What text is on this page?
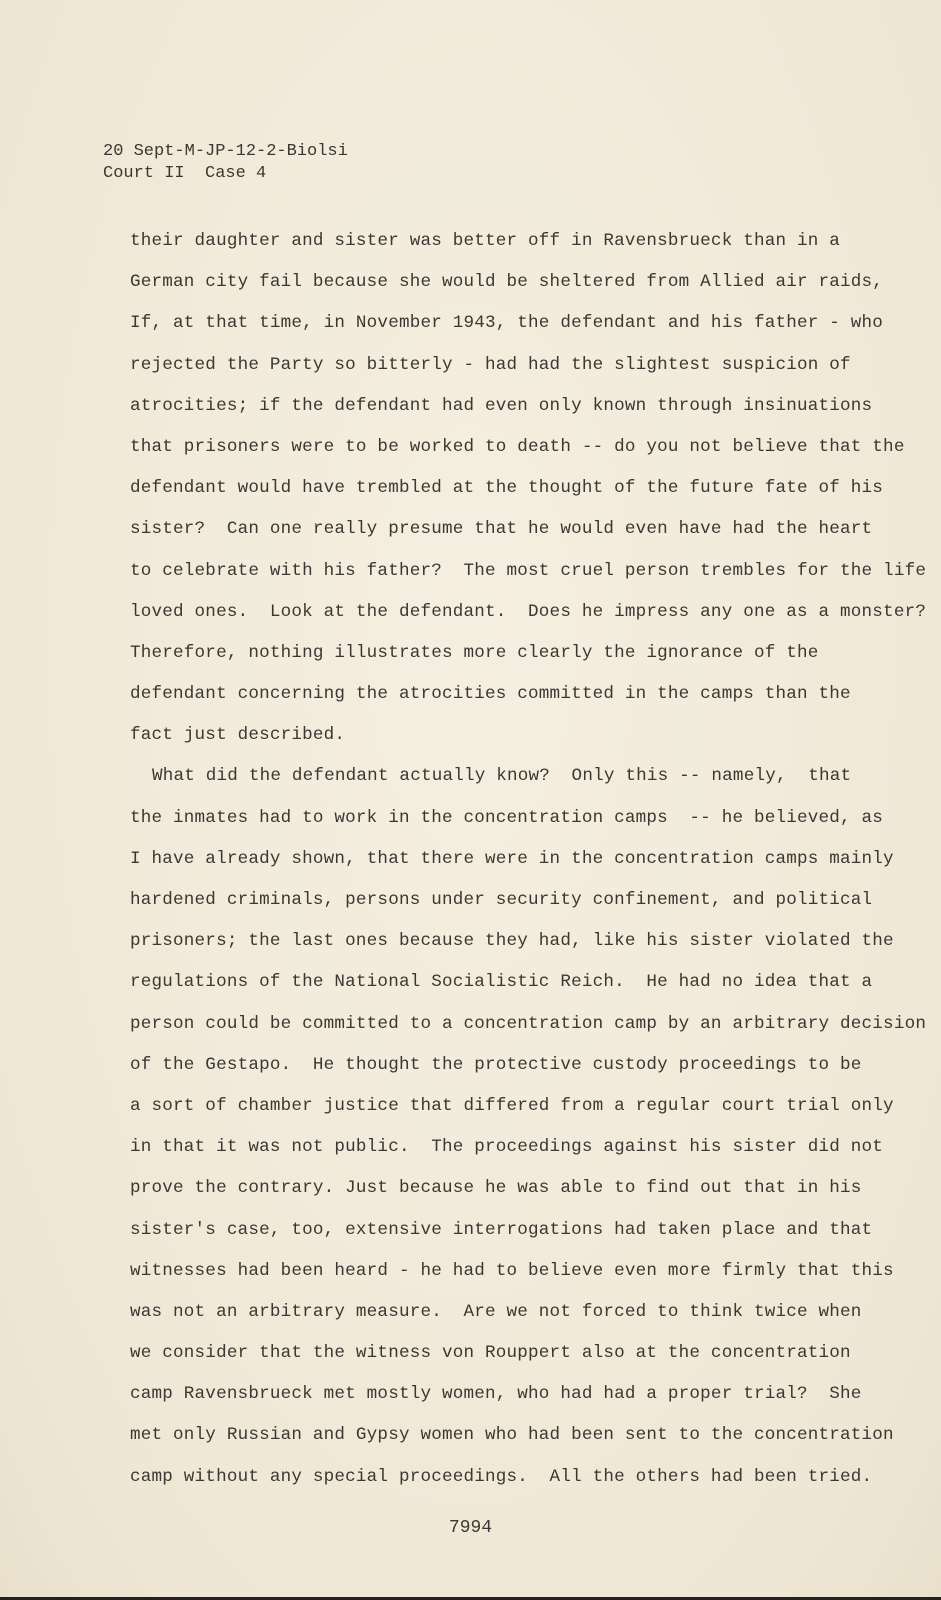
20 Sept-M-JP-12-2-Biolsi
Court II  Case 4
their daughter and sister was better off in Ravensbrueck than in a
German city fail because she would be sheltered from Allied air raids,
If, at that time, in November 1943, the defendant and his father - who
rejected the Party so bitterly - had had the slightest suspicion of
atrocities; if the defendant had even only known through insinuations
that prisoners were to be worked to death -- do you not believe that the
defendant would have trembled at the thought of the future fate of his
sister?  Can one really presume that he would even have had the heart
to celebrate with his father?  The most cruel person trembles for the life
loved ones.  Look at the defendant.  Does he impress any one as a monster?
Therefore, nothing illustrates more clearly the ignorance of the
defendant concerning the atrocities committed in the camps than the
fact just described.
What did the defendant actually know?  Only this -- namely,  that
the inmates had to work in the concentration camps  -- he believed, as
I have already shown, that there were in the concentration camps mainly
hardened criminals, persons under security confinement, and political
prisoners; the last ones because they had, like his sister violated the
regulations of the National Socialistic Reich.  He had no idea that a
person could be committed to a concentration camp by an arbitrary decision
of the Gestapo.  He thought the protective custody proceedings to be
a sort of chamber justice that differed from a regular court trial only
in that it was not public.  The proceedings against his sister did not
prove the contrary. Just because he was able to find out that in his
sister's case, too, extensive interrogations had taken place and that
witnesses had been heard - he had to believe even more firmly that this
was not an arbitrary measure.  Are we not forced to think twice when
we consider that the witness von Rouppert also at the concentration
camp Ravensbrueck met mostly women, who had had a proper trial?  She
met only Russian and Gypsy women who had been sent to the concentration
camp without any special proceedings.  All the others had been tried.
7994
